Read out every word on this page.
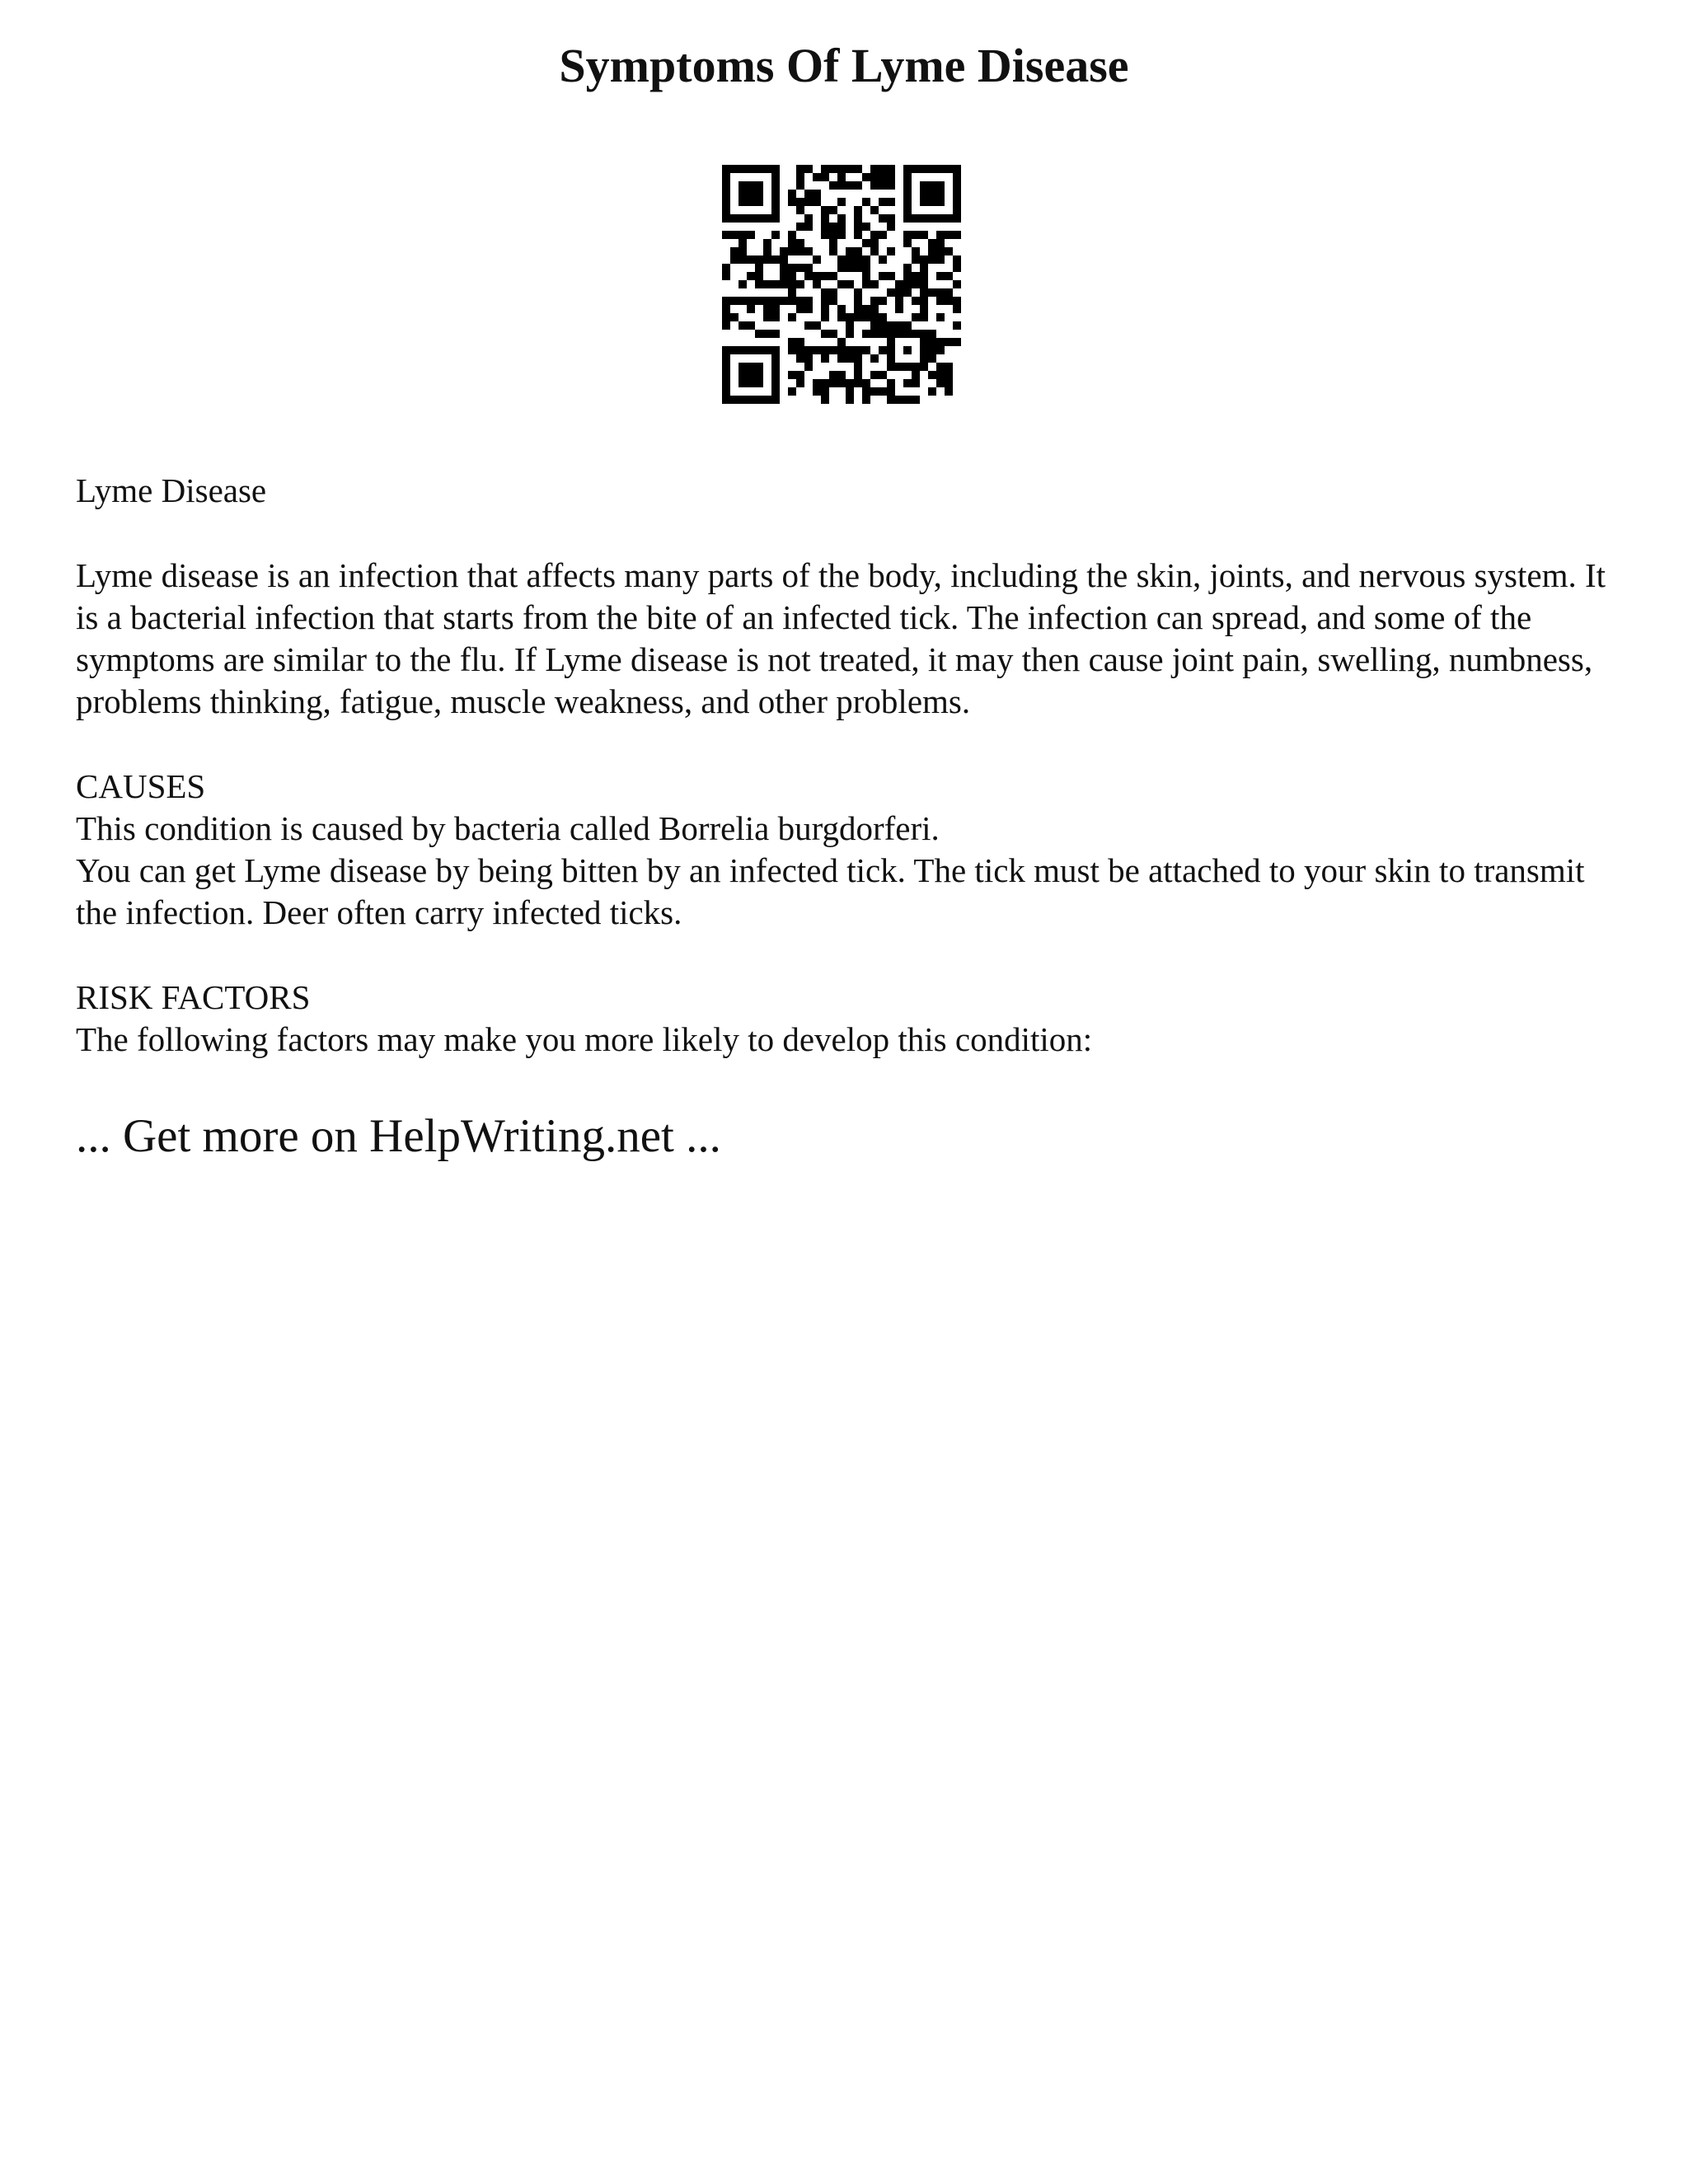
Symptoms Of Lyme Disease

Lyme Disease

Lyme disease is an infection that affects many parts of the body, including the skin, joints, and nervous system. It is a bacterial infection that starts from the bite of an infected tick. The infection can spread, and some of the symptoms are similar to the flu. If Lyme disease is not treated, it may then cause joint pain, swelling, numbness, problems thinking, fatigue, muscle weakness, and other problems.

CAUSES

This condition is caused by bacteria called Borrelia burgdorferi.

You can get Lyme disease by being bitten by an infected tick. The tick must be attached to your skin to transmit the infection. Deer often carry infected ticks.

RISK FACTORS

The following factors may make you more likely to develop this condition:

... Get more on HelpWriting.net ...
